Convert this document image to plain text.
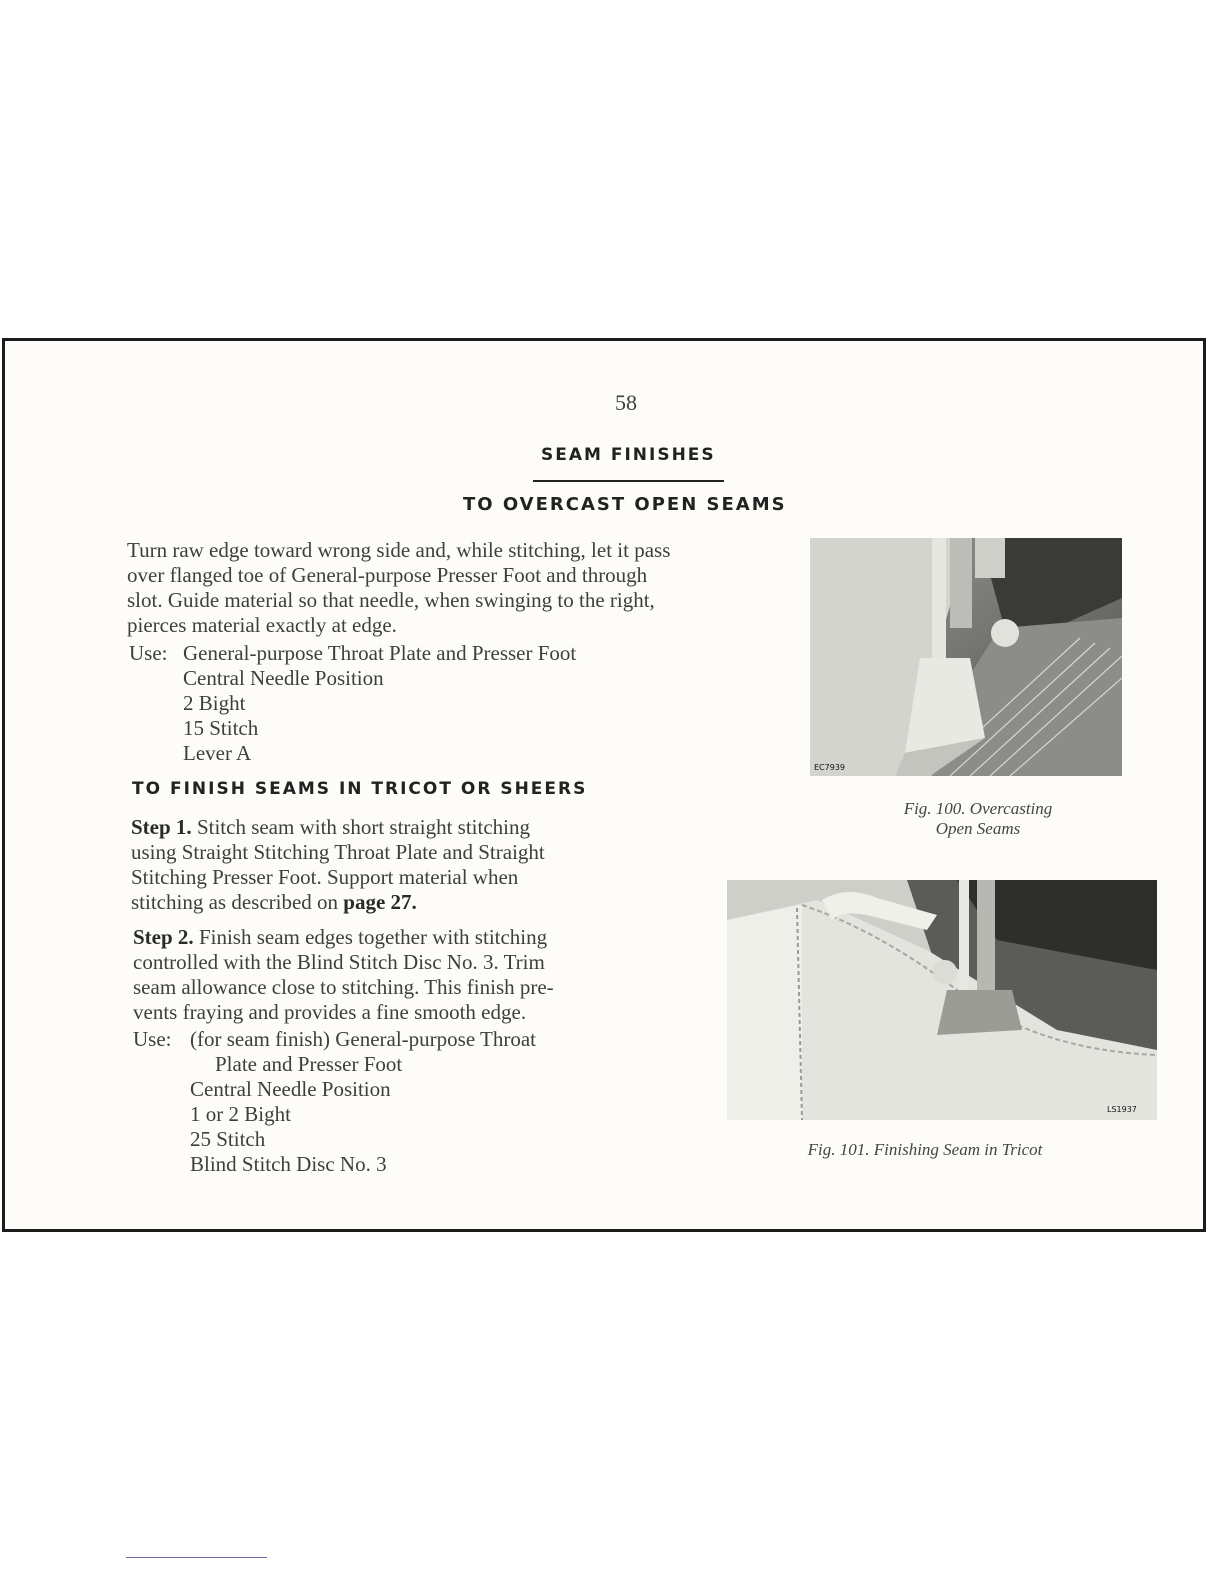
58
SEAM FINISHES
TO OVERCAST OPEN SEAMS
Turn raw edge toward wrong side and, while stitching, let it pass
over flanged toe of General-purpose Presser Foot and through
slot. Guide material so that needle, when swinging to the right,
pierces material exactly at edge.
Use: General-purpose Throat Plate and Presser Foot
Central Needle Position
2 Bight
15 Stitch
Lever A
TO FINISH SEAMS IN TRICOT OR SHEERS
Step 1. Stitch seam with short straight stitching
using Straight Stitching Throat Plate and Straight
Stitching Presser Foot. Support material when
stitching as described on page 27.
Step 2. Finish seam edges together with stitching
controlled with the Blind Stitch Disc No. 3. Trim
seam allowance close to stitching. This finish pre-
vents fraying and provides a fine smooth edge.
Use: (for seam finish) General-purpose Throat
Plate and Presser Foot
Central Needle Position
1 or 2 Bight
25 Stitch
Blind Stitch Disc No. 3
EC7939
Fig. 100. Overcasting
Open Seams
LS1937
Fig. 101. Finishing Seam in Tricot
